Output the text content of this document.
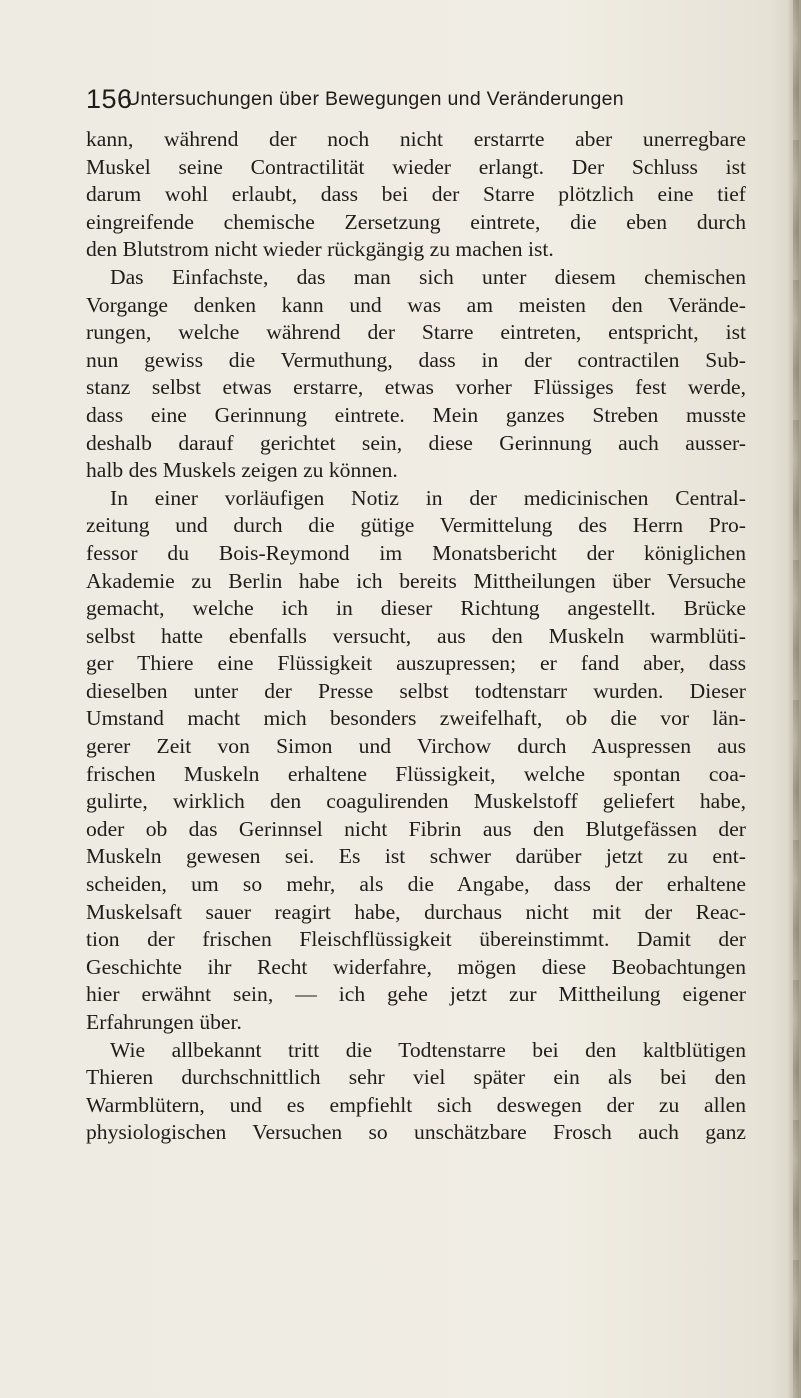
156
Untersuchungen über Bewegungen und Veränderungen
kann, während der noch nicht erstarrte aber unerregbare
Muskel seine Contractilität wieder erlangt. Der Schluss ist
darum wohl erlaubt, dass bei der Starre plötzlich eine tief
eingreifende chemische Zersetzung eintrete, die eben durch
den Blutstrom nicht wieder rückgängig zu machen ist.
Das Einfachste, das man sich unter diesem chemischen
Vorgange denken kann und was am meisten den Verände-
rungen, welche während der Starre eintreten, entspricht, ist
nun gewiss die Vermuthung, dass in der contractilen Sub-
stanz selbst etwas erstarre, etwas vorher Flüssiges fest werde,
dass eine Gerinnung eintrete. Mein ganzes Streben musste
deshalb darauf gerichtet sein, diese Gerinnung auch ausser-
halb des Muskels zeigen zu können.
In einer vorläufigen Notiz in der medicinischen Central-
zeitung und durch die gütige Vermittelung des Herrn Pro-
fessor du Bois-Reymond im Monatsbericht der königlichen
Akademie zu Berlin habe ich bereits Mittheilungen über Versuche
gemacht, welche ich in dieser Richtung angestellt. Brücke
selbst hatte ebenfalls versucht, aus den Muskeln warmblüti-
ger Thiere eine Flüssigkeit auszupressen; er fand aber, dass
dieselben unter der Presse selbst todtenstarr wurden. Dieser
Umstand macht mich besonders zweifelhaft, ob die vor län-
gerer Zeit von Simon und Virchow durch Auspressen aus
frischen Muskeln erhaltene Flüssigkeit, welche spontan coa-
gulirte, wirklich den coagulirenden Muskelstoff geliefert habe,
oder ob das Gerinnsel nicht Fibrin aus den Blutgefässen der
Muskeln gewesen sei. Es ist schwer darüber jetzt zu ent-
scheiden, um so mehr, als die Angabe, dass der erhaltene
Muskelsaft sauer reagirt habe, durchaus nicht mit der Reac-
tion der frischen Fleischflüssigkeit übereinstimmt. Damit der
Geschichte ihr Recht widerfahre, mögen diese Beobachtungen
hier erwähnt sein, — ich gehe jetzt zur Mittheilung eigener
Erfahrungen über.
Wie allbekannt tritt die Todtenstarre bei den kaltblütigen
Thieren durchschnittlich sehr viel später ein als bei den
Warmblütern, und es empfiehlt sich deswegen der zu allen
physiologischen Versuchen so unschätzbare Frosch auch ganz
